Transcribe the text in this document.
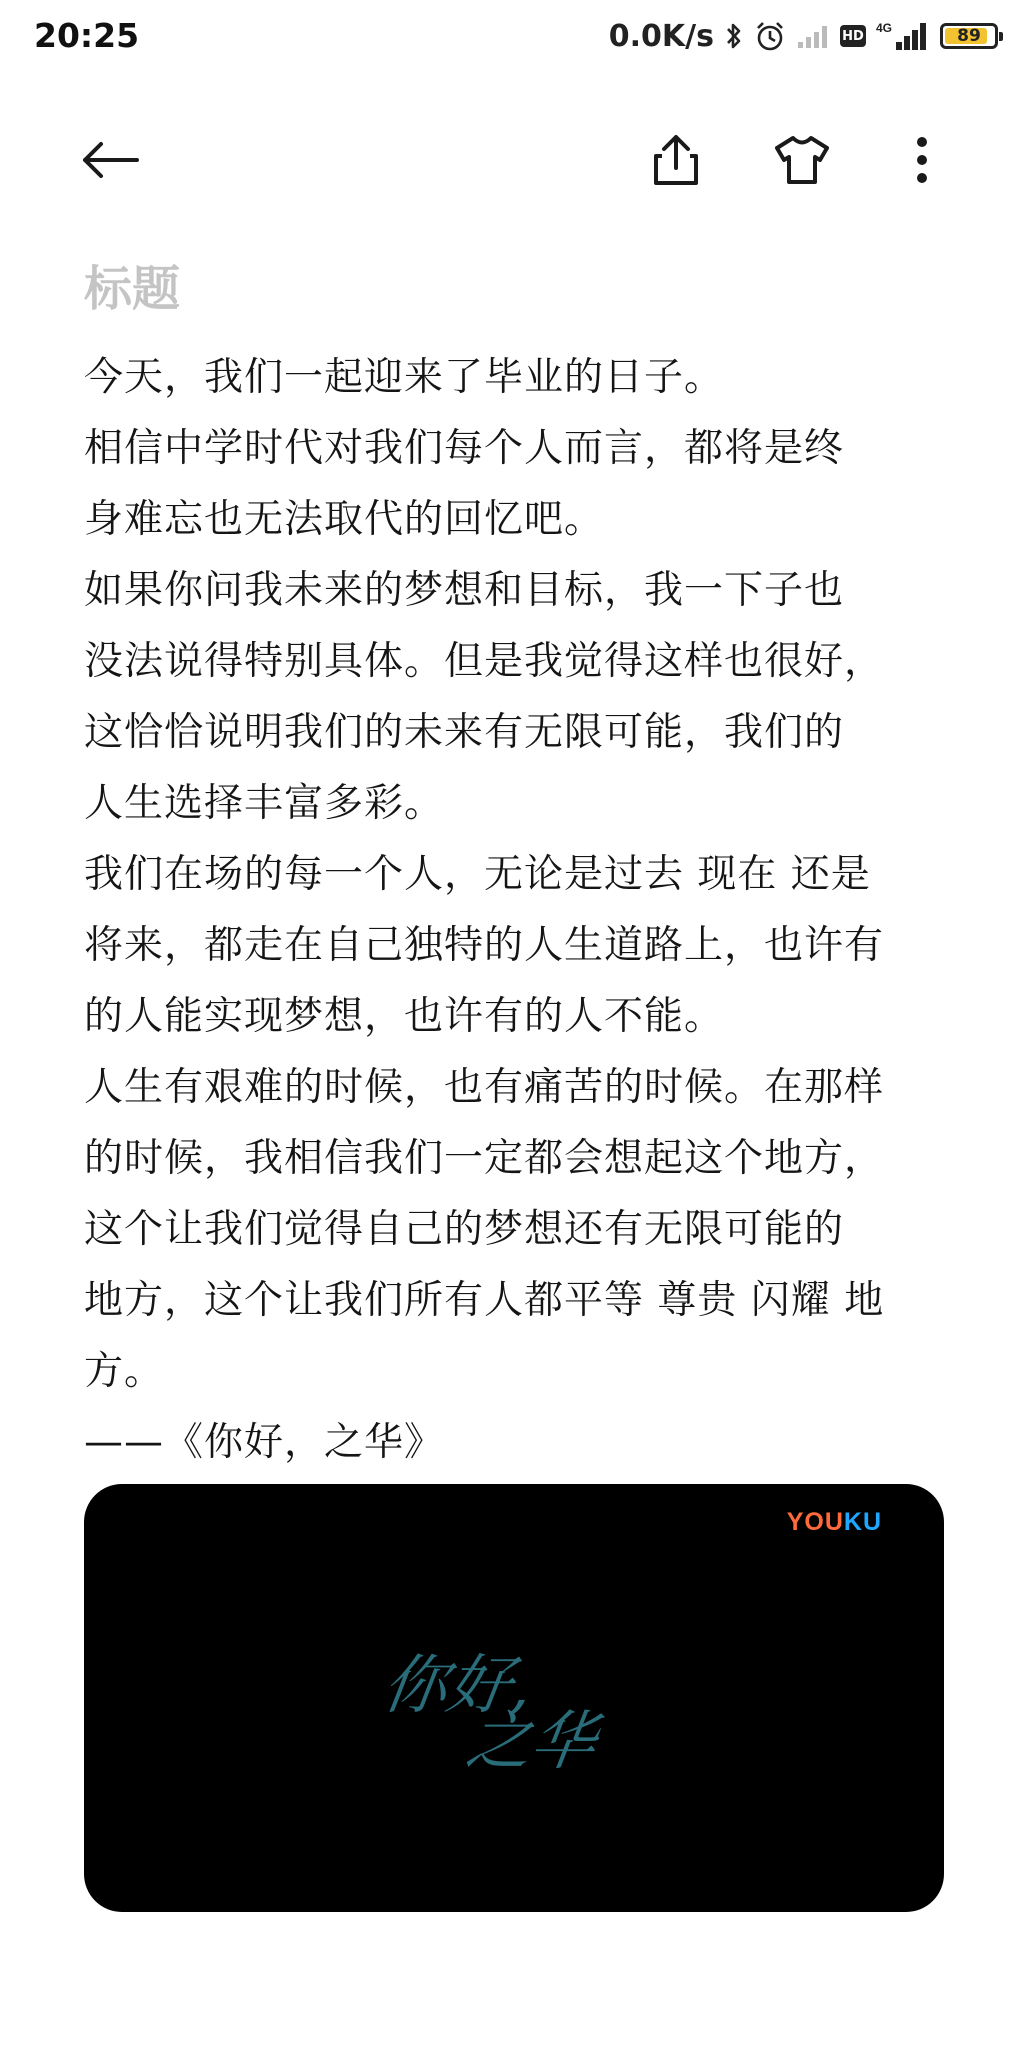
20:25	0.0K/s	HD
4G	89
标题
今天，我们一起迎来了毕业的日子。
相信中学时代对我们每个人而言，都将是终
身难忘也无法取代的回忆吧。
如果你问我未来的梦想和目标，我一下子也
没法说得特别具体。但是我觉得这样也很好，
这恰恰说明我们的未来有无限可能，我们的
人生选择丰富多彩。
我们在场的每一个人，无论是过去 现在 还是
将来，都走在自己独特的人生道路上，也许有
的人能实现梦想，也许有的人不能。
人生有艰难的时候，也有痛苦的时候。在那样
的时候，我相信我们一定都会想起这个地方，
这个让我们觉得自己的梦想还有无限可能的
地方，这个让我们所有人都平等 尊贵 闪耀 地
方。
——《你好，之华》
YOUKU
你好,
之华
